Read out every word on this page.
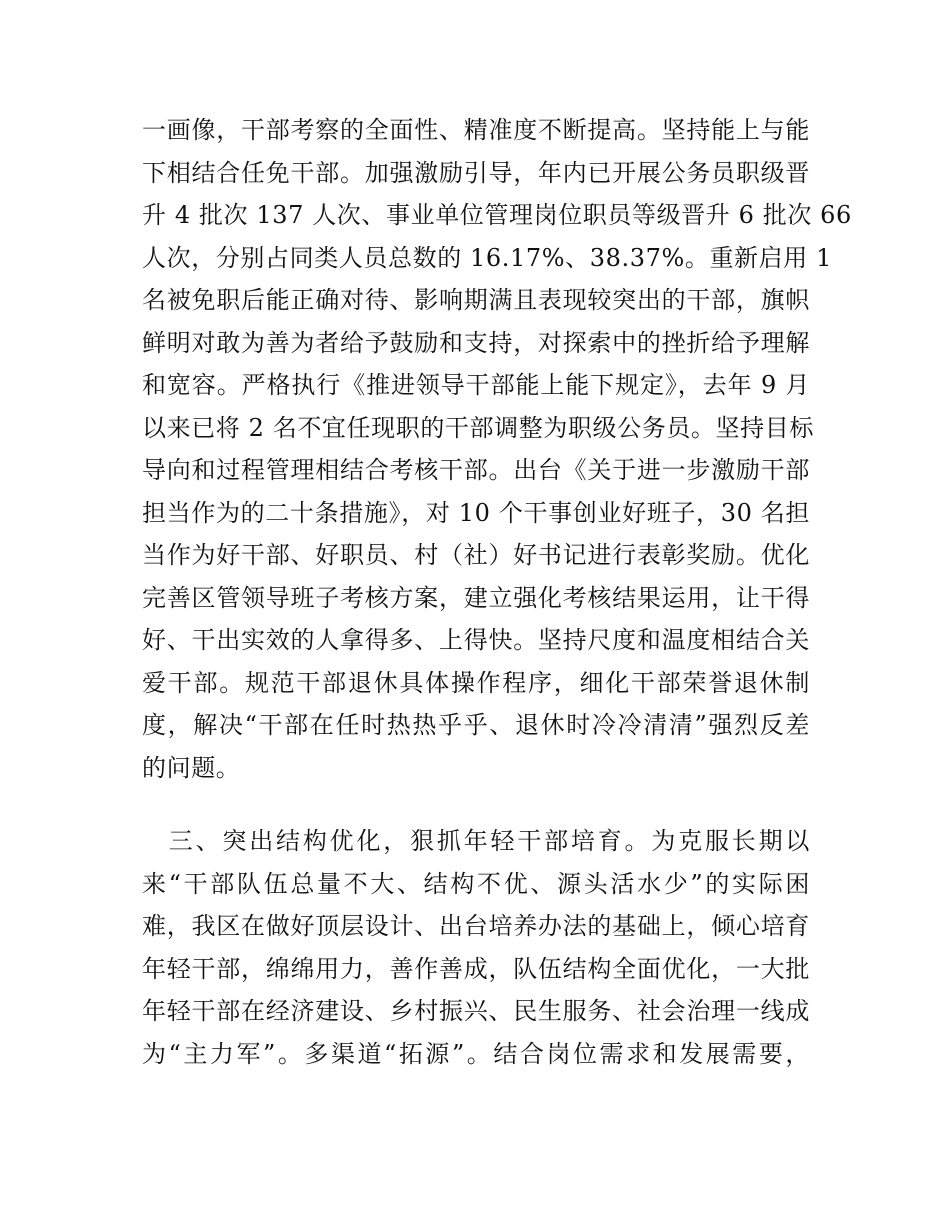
一画像，干部考察的全面性、精准度不断提高。坚持能上与能
下相结合任免干部。加强激励引导，年内已开展公务员职级晋
升 4 批次 137 人次、事业单位管理岗位职员等级晋升 6 批次 66
人次，分别占同类人员总数的 16.17%、38.37%。重新启用 1
名被免职后能正确对待、影响期满且表现较突出的干部，旗帜
鲜明对敢为善为者给予鼓励和支持，对探索中的挫折给予理解
和宽容。严格执行《推进领导干部能上能下规定》，去年 9 月
以来已将 2 名不宜任现职的干部调整为职级公务员。坚持目标
导向和过程管理相结合考核干部。出台《关于进一步激励干部
担当作为的二十条措施》，对 10 个干事创业好班子，30 名担
当作为好干部、好职员、村（社）好书记进行表彰奖励。优化
完善区管领导班子考核方案，建立强化考核结果运用，让干得
好、干出实效的人拿得多、上得快。坚持尺度和温度相结合关
爱干部。规范干部退休具体操作程序，细化干部荣誉退休制
度，解决“干部在任时热热乎乎、退休时冷冷清清”强烈反差
的问题。
　三、突出结构优化，狠抓年轻干部培育。为克服长期以
来“干部队伍总量不大、结构不优、源头活水少”的实际困
难，我区在做好顶层设计、出台培养办法的基础上，倾心培育
年轻干部，绵绵用力，善作善成，队伍结构全面优化，一大批
年轻干部在经济建设、乡村振兴、民生服务、社会治理一线成
为“主力军”。多渠道“拓源”。结合岗位需求和发展需要，
